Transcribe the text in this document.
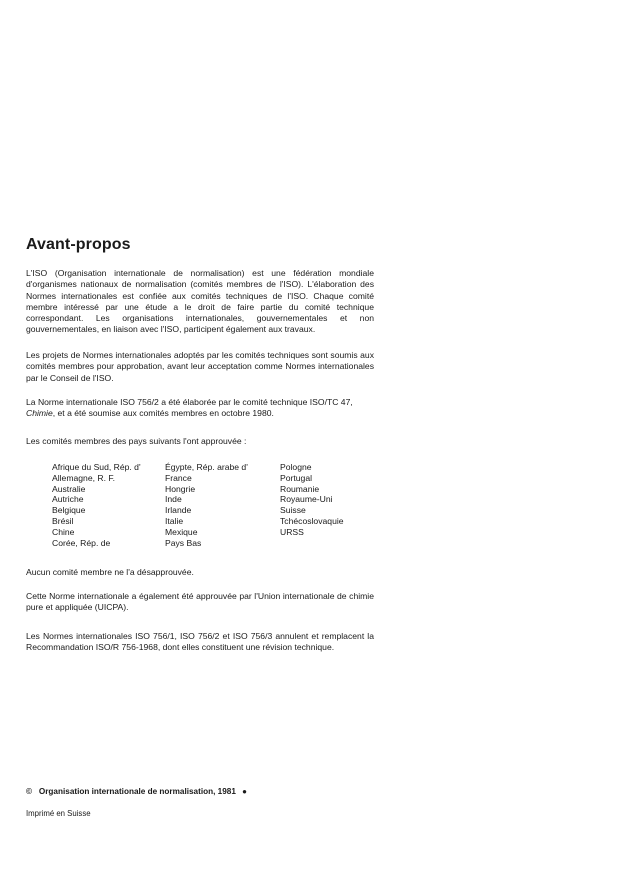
Avant-propos

L'ISO (Organisation internationale de normalisation) est une fédération mondiale d'organismes nationaux de normalisation (comités membres de l'ISO). L'élaboration des Normes internationales est confiée aux comités techniques de l'ISO. Chaque comité membre intéressé par une étude a le droit de faire partie du comité technique correspondant. Les organisations internationales, gouvernementales et non gouvernementales, en liaison avec l'ISO, participent également aux travaux.

Les projets de Normes internationales adoptés par les comités techniques sont soumis aux comités membres pour approbation, avant leur acceptation comme Normes internationales par le Conseil de l'ISO.

La Norme internationale ISO 756/2 a été élaborée par le comité technique ISO/TC 47,
Chimie, et a été soumise aux comités membres en octobre 1980.

Les comités membres des pays suivants l'ont approuvée :

Afrique du Sud, Rép. d'
Allemagne, R. F.
Australie
Autriche
Belgique
Brésil
Chine
Corée, Rép. de
Égypte, Rép. arabe d'
France
Hongrie
Inde
Irlande
Italie
Mexique
Pays Bas
Pologne
Portugal
Roumanie
Royaume-Uni
Suisse
Tchécoslovaquie
URSS

Aucun comité membre ne l'a désapprouvée.

Cette Norme internationale a également été approuvée par l'Union internationale de chimie pure et appliquée (UICPA).

Les Normes internationales ISO 756/1, ISO 756/2 et ISO 756/3 annulent et remplacent la Recommandation ISO/R 756-1968, dont elles constituent une révision technique.

© Organisation internationale de normalisation, 1981 ●
Imprimé en Suisse
